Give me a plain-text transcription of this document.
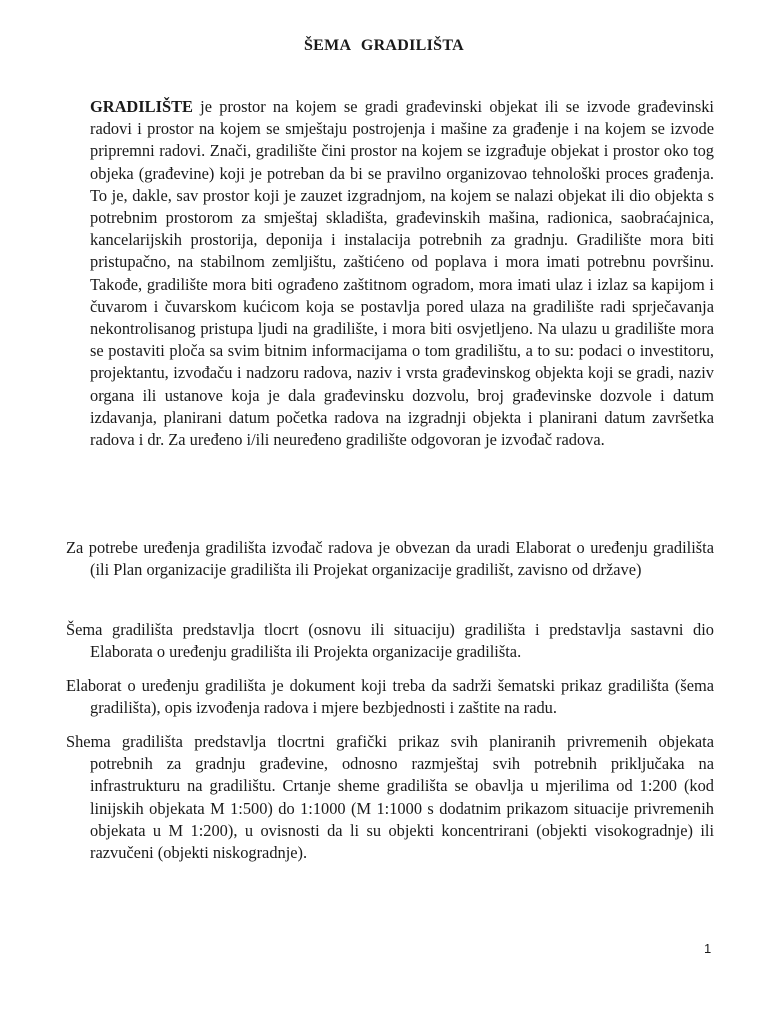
ŠEMA GRADILIŠTA

GRADILIŠTE je prostor na kojem se gradi građevinski objekat ili se izvode građevinski radovi i prostor na kojem se smještaju postrojenja i mašine za građenje i na kojem se izvode pripremni radovi. Znači, gradilište čini prostor na kojem se izgrađuje objekat i prostor oko tog objeka (građevine) koji je potreban da bi se pravilno organizovao tehnološki proces građenja. To je, dakle, sav prostor koji je zauzet izgradnjom, na kojem se nalazi objekat ili dio objekta s potrebnim prostorom za smještaj skladišta, građevinskih mašina, radionica, saobraćajnica, kancelarijskih prostorija, deponija i instalacija potrebnih za gradnju. Gradilište mora biti pristupačno, na stabilnom zemljištu, zaštićeno od poplava i mora imati potrebnu površinu. Takođe, gradilište mora biti ograđeno zaštitnom ogradom, mora imati ulaz i izlaz sa kapijom i čuvarom i čuvarskom kućicom koja se postavlja pored ulaza na gradilište radi sprječavanja nekontrolisanog pristupa ljudi na gradilište, i mora biti osvjetljeno. Na ulazu u gradilište mora se postaviti ploča sa svim bitnim informacijama o tom gradilištu, a to su: podaci o investitoru, projektantu, izvođaču i nadzoru radova, naziv i vrsta građevinskog objekta koji se gradi, naziv organa ili ustanove koja je dala građevinsku dozvolu, broj građevinske dozvole i datum izdavanja, planirani datum početka radova na izgradnji objekta i planirani datum završetka radova i dr. Za uređeno i/ili neuređeno gradilište odgovoran je izvođač radova.

Za potrebe uređenja gradilišta izvođač radova je obvezan da uradi Elaborat o uređenju gradilišta (ili Plan organizacije gradilišta ili Projekat organizacije gradilišt, zavisno od države)

Šema gradilišta predstavlja tlocrt (osnovu ili situaciju) gradilišta i predstavlja sastavni dio Elaborata o uređenju gradilišta ili Projekta organizacije gradilišta.

Elaborat o uređenju gradilišta je dokument koji treba da sadrži šematski prikaz gradilišta (šema gradilišta), opis izvođenja radova i mjere bezbjednosti i zaštite na radu.

Shema gradilišta predstavlja tlocrtni grafički prikaz svih planiranih privremenih objekata potrebnih za gradnju građevine, odnosno razmještaj svih potrebnih priključaka na infrastrukturu na gradilištu. Crtanje sheme gradilišta se obavlja u mjerilima od 1:200 (kod linijskih objekata M 1:500) do 1:1000 (M 1:1000 s dodatnim prikazom situacije privremenih objekata u M 1:200), u ovisnosti da li su objekti koncentrirani (objekti visokogradnje) ili razvučeni (objekti niskogradnje).

1
